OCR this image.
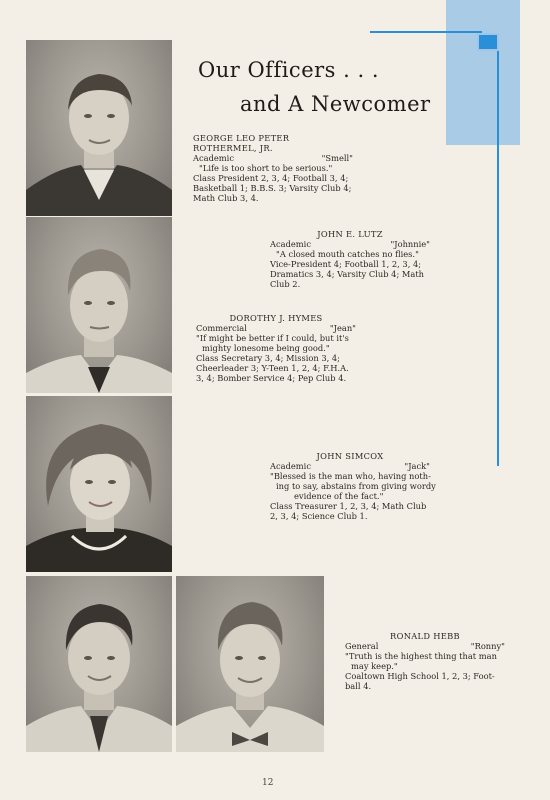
Our Officers . . .
and A Newcomer
GEORGE LEO PETER ROTHERMEL, JR.
Academic	"Smell"
"Life is too short to be serious."
Class President 2, 3, 4; Football 3, 4;
Basketball 1; B.B.S. 3; Varsity Club 4;
Math Club 3, 4.
JOHN E. LUTZ
Academic	"Johnnie"
"A closed mouth catches no flies."
Vice-President 4; Football 1, 2, 3, 4;
Dramatics 3, 4; Varsity Club 4; Math
Club 2.
DOROTHY J. HYMES
Commercial	"Jean"
"If might be better if I could, but it's
mighty lonesome being good."
Class Secretary 3, 4; Mission 3, 4;
Cheerleader 3; Y-Teen 1, 2, 4; F.H.A.
3, 4; Bomber Service 4; Pep Club 4.
JOHN SIMCOX
Academic	"Jack"
"Blessed is the man who, having noth-
ing to say, abstains from giving wordy
evidence of the fact."
Class Treasurer 1, 2, 3, 4; Math Club
2, 3, 4; Science Club 1.
RONALD HEBB
General	"Ronny"
"Truth is the highest thing that man
may keep."
Coaltown High School 1, 2, 3; Foot-
ball 4.
12
